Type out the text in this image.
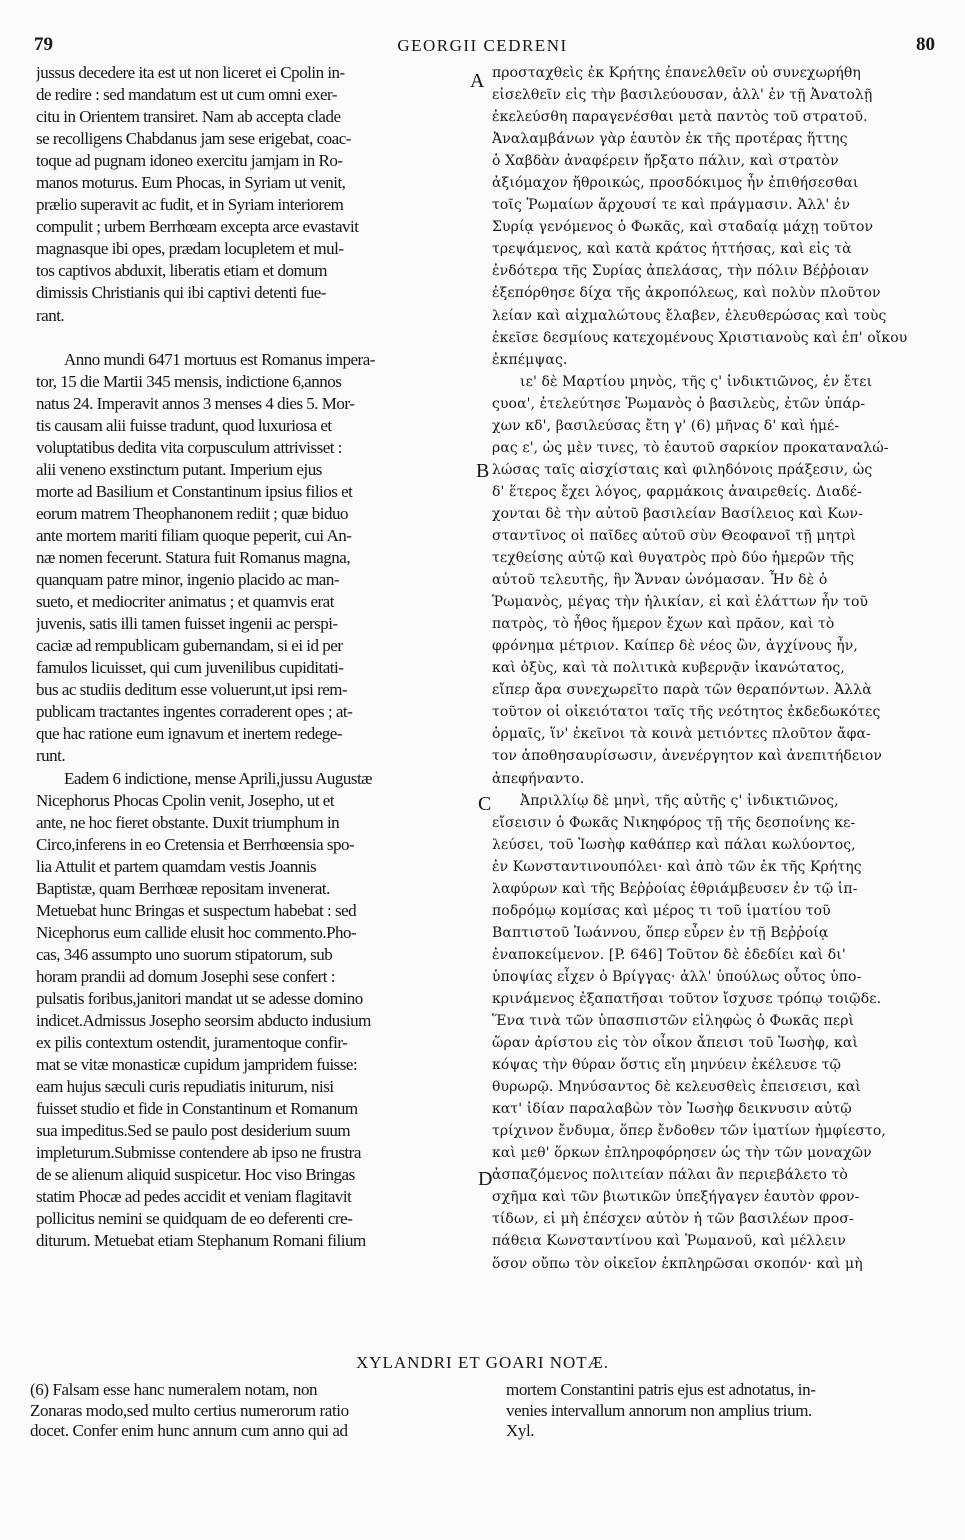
79	GEORGII CEDRENI	80
jussus decedere ita est ut non liceret ei Cpolin in-
de redire : sed mandatum est ut cum omni exer-
citu in Orientem transiret. Nam ab accepta clade
se recolligens Chabdanus jam sese erigebat, coac-
toque ad pugnam idoneo exercitu jamjam in Ro-
manos moturus. Eum Phocas, in Syriam ut venit,
prælio superavit ac fudit, et in Syriam interiorem
compulit ; urbem Berrhœam excepta arce evastavit
magnasque ibi opes, prædam locupletem et mul-
tos captivos abduxit, liberatis etiam et domum
dimissis Christianis qui ibi captivi detenti fue-
rant.
Anno mundi 6471 mortuus est Romanus impera-
tor, 15 die Martii 345 mensis, indictione 6,annos
natus 24. Imperavit annos 3 menses 4 dies 5. Mor-
tis causam alii fuisse tradunt, quod luxuriosa et
voluptatibus dedita vita corpusculum attrivisset :
alii veneno exstinctum putant. Imperium ejus
morte ad Basilium et Constantinum ipsius filios et
eorum matrem Theophanonem rediit ; quæ biduo
ante mortem mariti filiam quoque peperit, cui An-
næ nomen fecerunt. Statura fuit Romanus magna,
quanquam patre minor, ingenio placido ac man-
sueto, et mediocriter animatus ; et quamvis erat
juvenis, satis illi tamen fuisset ingenii ac perspi-
caciæ ad rempublicam gubernandam, si ei id per
famulos licuisset, qui cum juvenilibus cupiditati-
bus ac studiis deditum esse voluerunt,ut ipsi rem-
publicam tractantes ingentes corraderent opes ; at-
que hac ratione eum ignavum et inertem redege-
runt.
Eadem 6 indictione, mense Aprili,jussu Augustæ
Nicephorus Phocas Cpolin venit, Josepho, ut et
ante, ne hoc fieret obstante. Duxit triumphum in
Circo,inferens in eo Cretensia et Berrhœensia spo-
lia Attulit et partem quamdam vestis Joannis
Baptistæ, quam Berrhœæ repositam invenerat.
Metuebat hunc Bringas et suspectum habebat : sed
Nicephorus eum callide elusit hoc commento.Pho-
cas, 346 assumpto uno suorum stipatorum, sub
horam prandii ad domum Josephi sese confert :
pulsatis foribus,janitori mandat ut se adesse domino
indicet.Admissus Josepho seorsim abducto indusium
ex pilis contextum ostendit, juramentoque confir-
mat se vitæ monasticæ cupidum jampridem fuisse:
eam hujus sæculi curis repudiatis initurum, nisi
fuisset studio et fide in Constantinum et Romanum
sua impeditus.Sed se paulo post desiderium suum
impleturum.Submisse contendere ab ipso ne frustra
de se alienum aliquid suspicetur. Hoc viso Bringas
statim Phocæ ad pedes accidit et veniam flagitavit
pollicitus nemini se quidquam de eo deferenti cre-
diturum. Metuebat etiam Stephanum Romani filium
A
B
C
D
προσταχθεὶς ἐκ Κρήτης ἐπανελθεῖν οὐ συνεχωρήθη
εἰσελθεῖν εἰς τὴν βασιλεύουσαν, ἀλλ' ἐν τῇ Ἀνατολῇ
ἐκελεύσθη παραγενέσθαι μετὰ παντὸς τοῦ στρατοῦ.
Ἀναλαμβάνων γὰρ ἑαυτὸν ἐκ τῆς προτέρας ἥττης
ὁ Χαβδὰν ἀναφέρειν ἤρξατο πάλιν, καὶ στρατὸν
ἀξιόμαχον ἤθροικώς, προσδόκιμος ἦν ἐπιθήσεσθαι
τοῖς Ῥωμαίων ἄρχουσί τε καὶ πράγμασιν. Ἀλλ' ἐν
Συρίᾳ γενόμενος ὁ Φωκᾶς, καὶ σταδαίᾳ μάχῃ τοῦτον
τρεψάμενος, καὶ κατὰ κράτος ἡττήσας, καὶ εἰς τὰ
ἐνδότερα τῆς Συρίας ἀπελάσας, τὴν πόλιν Βέῤῥοιαν
ἐξεπόρθησε δίχα τῆς ἀκροπόλεως, καὶ πολὺν πλοῦτον
λείαν καὶ αἰχμαλώτους ἔλαβεν, ἐλευθερώσας καὶ τοὺς
ἐκεῖσε δεσμίους κατεχομένους Χριστιανοὺς καὶ ἐπ' οἴκου
ἐκπέμψας.
ιε' δὲ Μαρτίου μηνὸς, τῆς ς' ἰνδικτιῶνος, ἐν ἔτει
ςυοα', ἐτελεύτησε Ῥωμανὸς ὁ βασιλεὺς, ἐτῶν ὑπάρ-
χων κδ', βασιλεύσας ἔτη γ' (6) μῆνας δ' καὶ ἡμέ-
ρας ε', ὡς μὲν τινες, τὸ ἑαυτοῦ σαρκίον προκαταναλώ-
λώσας ταῖς αἰσχίσταις καὶ φιληδόνοις πράξεσιν, ὡς
δ' ἕτερος ἔχει λόγος, φαρμάκοις ἀναιρεθείς. Διαδέ-
χονται δὲ τὴν αὐτοῦ βασιλείαν Βασίλειος καὶ Κων-
σταντῖνος οἱ παῖδες αὐτοῦ σὺν Θεοφανοῖ τῇ μητρὶ
τεχθείσης αὐτῷ καὶ θυγατρὸς πρὸ δύο ἡμερῶν τῆς
αὐτοῦ τελευτῆς, ἣν Ἄνναν ὠνόμασαν. Ἦν δὲ ὁ
Ῥωμανὸς, μέγας τὴν ἡλικίαν, εἰ καὶ ἐλάττων ἦν τοῦ
πατρὸς, τὸ ἦθος ἥμερον ἔχων καὶ πρᾶον, καὶ τὸ
φρόνημα μέτριον. Καίπερ δὲ νέος ὢν, ἀγχίνους ἦν,
καὶ ὀξὺς, καὶ τὰ πολιτικὰ κυβερνᾷν ἱκανώτατος,
εἴπερ ἄρα συνεχωρεῖτο παρὰ τῶν θεραπόντων. Ἀλλὰ
τοῦτον οἱ οἰκειότατοι ταῖς τῆς νεότητος ἐκδεδωκότες
ὁρμαῖς, ἵν' ἐκεῖνοι τὰ κοινὰ μετιόντες πλοῦτον ἄφα-
τον ἀποθησαυρίσωσιν, ἀνενέργητον καὶ ἀνεπιτήδειον
ἀπεφήναντο.
Ἀπριλλίῳ δὲ μηνὶ, τῆς αὐτῆς ς' ἰνδικτιῶνος,
εἴσεισιν ὁ Φωκᾶς Νικηφόρος τῇ τῆς δεσποίνης κε-
λεύσει, τοῦ Ἰωσὴφ καθάπερ καὶ πάλαι κωλύοντος,
ἐν Κωνσταντινουπόλει· καὶ ἀπὸ τῶν ἐκ τῆς Κρήτης
λαφύρων καὶ τῆς Βεῤῥοίας ἐθριάμβευσεν ἐν τῷ ἱπ-
ποδρόμῳ κομίσας καὶ μέρος τι τοῦ ἱματίου τοῦ
Βαπτιστοῦ Ἰωάννου, ὅπερ εὗρεν ἐν τῇ Βεῤῥοίᾳ
ἐναποκείμενον. [P. 646] Τοῦτον δὲ ἐδεδίει καὶ δι'
ὑποψίας εἶχεν ὁ Βρίγγας· ἀλλ' ὑπούλως οὗτος ὑπο-
κρινάμενος ἐξαπατῆσαι τοῦτον ἴσχυσε τρόπῳ τοιῷδε.
Ἕνα τινὰ τῶν ὑπασπιστῶν εἰληφὼς ὁ Φωκᾶς περὶ
ὥραν ἀρίστου εἰς τὸν οἶκον ἄπεισι τοῦ Ἰωσὴφ, καὶ
κόψας τὴν θύραν ὅστις εἴη μηνύειν ἐκέλευσε τῷ
θυρωρῷ. Μηνύσαντος δὲ κελευσθεὶς ἐπεισεισι, καὶ
κατ' ἰδίαν παραλαβὼν τὸν Ἰωσὴφ δεικνυσιν αὐτῷ
τρίχινον ἔνδυμα, ὅπερ ἔνδοθεν τῶν ἱματίων ἠμφίεστο,
καὶ μεθ' ὅρκων ἐπληροφόρησεν ὡς τὴν τῶν μοναχῶν
ἀσπαζόμενος πολιτείαν πάλαι ἂν περιεβάλετο τὸ
σχῆμα καὶ τῶν βιωτικῶν ὑπεξήγαγεν ἑαυτὸν φρον-
τίδων, εἰ μὴ ἐπέσχεν αὐτὸν ἡ τῶν βασιλέων προσ-
πάθεια Κωνσταντίνου καὶ Ῥωμανοῦ, καὶ μέλλειν
ὅσον οὔπω τὸν οἰκεῖον ἐκπληρῶσαι σκοπόν· καὶ μὴ
XYLANDRI ET GOARI NOTÆ.
(6) Falsam esse hanc numeralem notam, non
Zonaras modo,sed multo certius numerorum ratio
docet. Confer enim hunc annum cum anno qui ad
mortem Constantini patris ejus est adnotatus, in-
venies intervallum annorum non amplius trium.
Xyl.
